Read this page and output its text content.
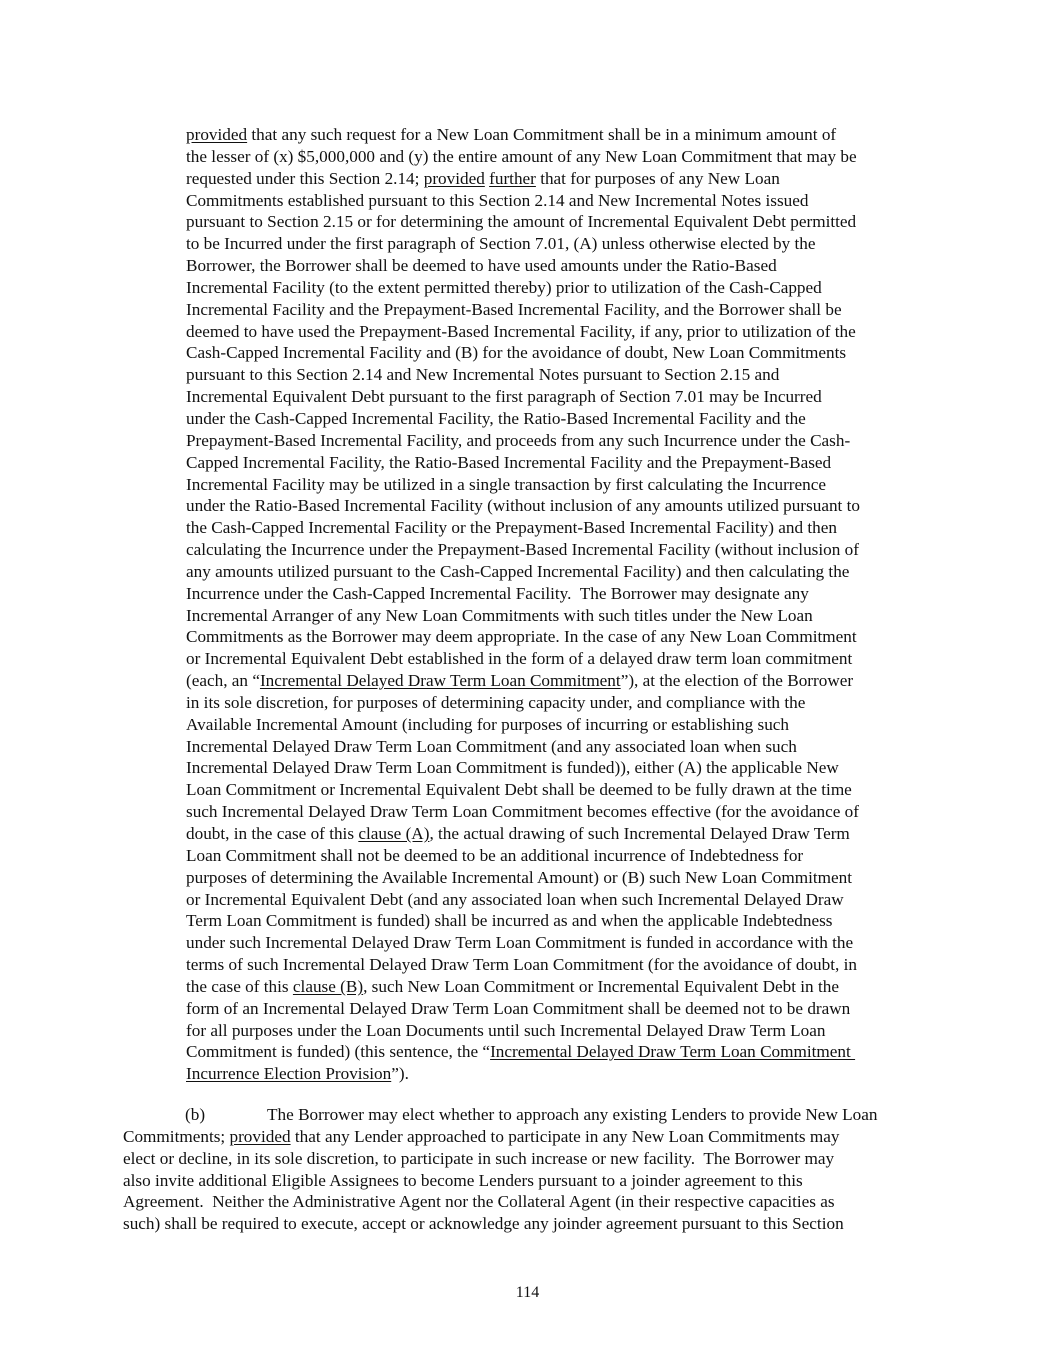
provided that any such request for a New Loan Commitment shall be in a minimum amount of
the lesser of (x) $5,000,000 and (y) the entire amount of any New Loan Commitment that may be
requested under this Section 2.14; provided further that for purposes of any New Loan
Commitments established pursuant to this Section 2.14 and New Incremental Notes issued
pursuant to Section 2.15 or for determining the amount of Incremental Equivalent Debt permitted
to be Incurred under the first paragraph of Section 7.01, (A) unless otherwise elected by the
Borrower, the Borrower shall be deemed to have used amounts under the Ratio-Based
Incremental Facility (to the extent permitted thereby) prior to utilization of the Cash-Capped
Incremental Facility and the Prepayment-Based Incremental Facility, and the Borrower shall be
deemed to have used the Prepayment-Based Incremental Facility, if any, prior to utilization of the
Cash-Capped Incremental Facility and (B) for the avoidance of doubt, New Loan Commitments
pursuant to this Section 2.14 and New Incremental Notes pursuant to Section 2.15 and
Incremental Equivalent Debt pursuant to the first paragraph of Section 7.01 may be Incurred
under the Cash-Capped Incremental Facility, the Ratio-Based Incremental Facility and the
Prepayment-Based Incremental Facility, and proceeds from any such Incurrence under the Cash-
Capped Incremental Facility, the Ratio-Based Incremental Facility and the Prepayment-Based
Incremental Facility may be utilized in a single transaction by first calculating the Incurrence
under the Ratio-Based Incremental Facility (without inclusion of any amounts utilized pursuant to
the Cash-Capped Incremental Facility or the Prepayment-Based Incremental Facility) and then
calculating the Incurrence under the Prepayment-Based Incremental Facility (without inclusion of
any amounts utilized pursuant to the Cash-Capped Incremental Facility) and then calculating the
Incurrence under the Cash-Capped Incremental Facility.  The Borrower may designate any
Incremental Arranger of any New Loan Commitments with such titles under the New Loan
Commitments as the Borrower may deem appropriate. In the case of any New Loan Commitment
or Incremental Equivalent Debt established in the form of a delayed draw term loan commitment
(each, an “Incremental Delayed Draw Term Loan Commitment”), at the election of the Borrower
in its sole discretion, for purposes of determining capacity under, and compliance with the
Available Incremental Amount (including for purposes of incurring or establishing such
Incremental Delayed Draw Term Loan Commitment (and any associated loan when such
Incremental Delayed Draw Term Loan Commitment is funded)), either (A) the applicable New
Loan Commitment or Incremental Equivalent Debt shall be deemed to be fully drawn at the time
such Incremental Delayed Draw Term Loan Commitment becomes effective (for the avoidance of
doubt, in the case of this clause (A), the actual drawing of such Incremental Delayed Draw Term
Loan Commitment shall not be deemed to be an additional incurrence of Indebtedness for
purposes of determining the Available Incremental Amount) or (B) such New Loan Commitment
or Incremental Equivalent Debt (and any associated loan when such Incremental Delayed Draw
Term Loan Commitment is funded) shall be incurred as and when the applicable Indebtedness
under such Incremental Delayed Draw Term Loan Commitment is funded in accordance with the
terms of such Incremental Delayed Draw Term Loan Commitment (for the avoidance of doubt, in
the case of this clause (B), such New Loan Commitment or Incremental Equivalent Debt in the
form of an Incremental Delayed Draw Term Loan Commitment shall be deemed not to be drawn
for all purposes under the Loan Documents until such Incremental Delayed Draw Term Loan
Commitment is funded) (this sentence, the “Incremental Delayed Draw Term Loan Commitment
Incurrence Election Provision”).
(b)	The Borrower may elect whether to approach any existing Lenders to provide New Loan
Commitments; provided that any Lender approached to participate in any New Loan Commitments may
elect or decline, in its sole discretion, to participate in such increase or new facility.  The Borrower may
also invite additional Eligible Assignees to become Lenders pursuant to a joinder agreement to this
Agreement.  Neither the Administrative Agent nor the Collateral Agent (in their respective capacities as
such) shall be required to execute, accept or acknowledge any joinder agreement pursuant to this Section
114
